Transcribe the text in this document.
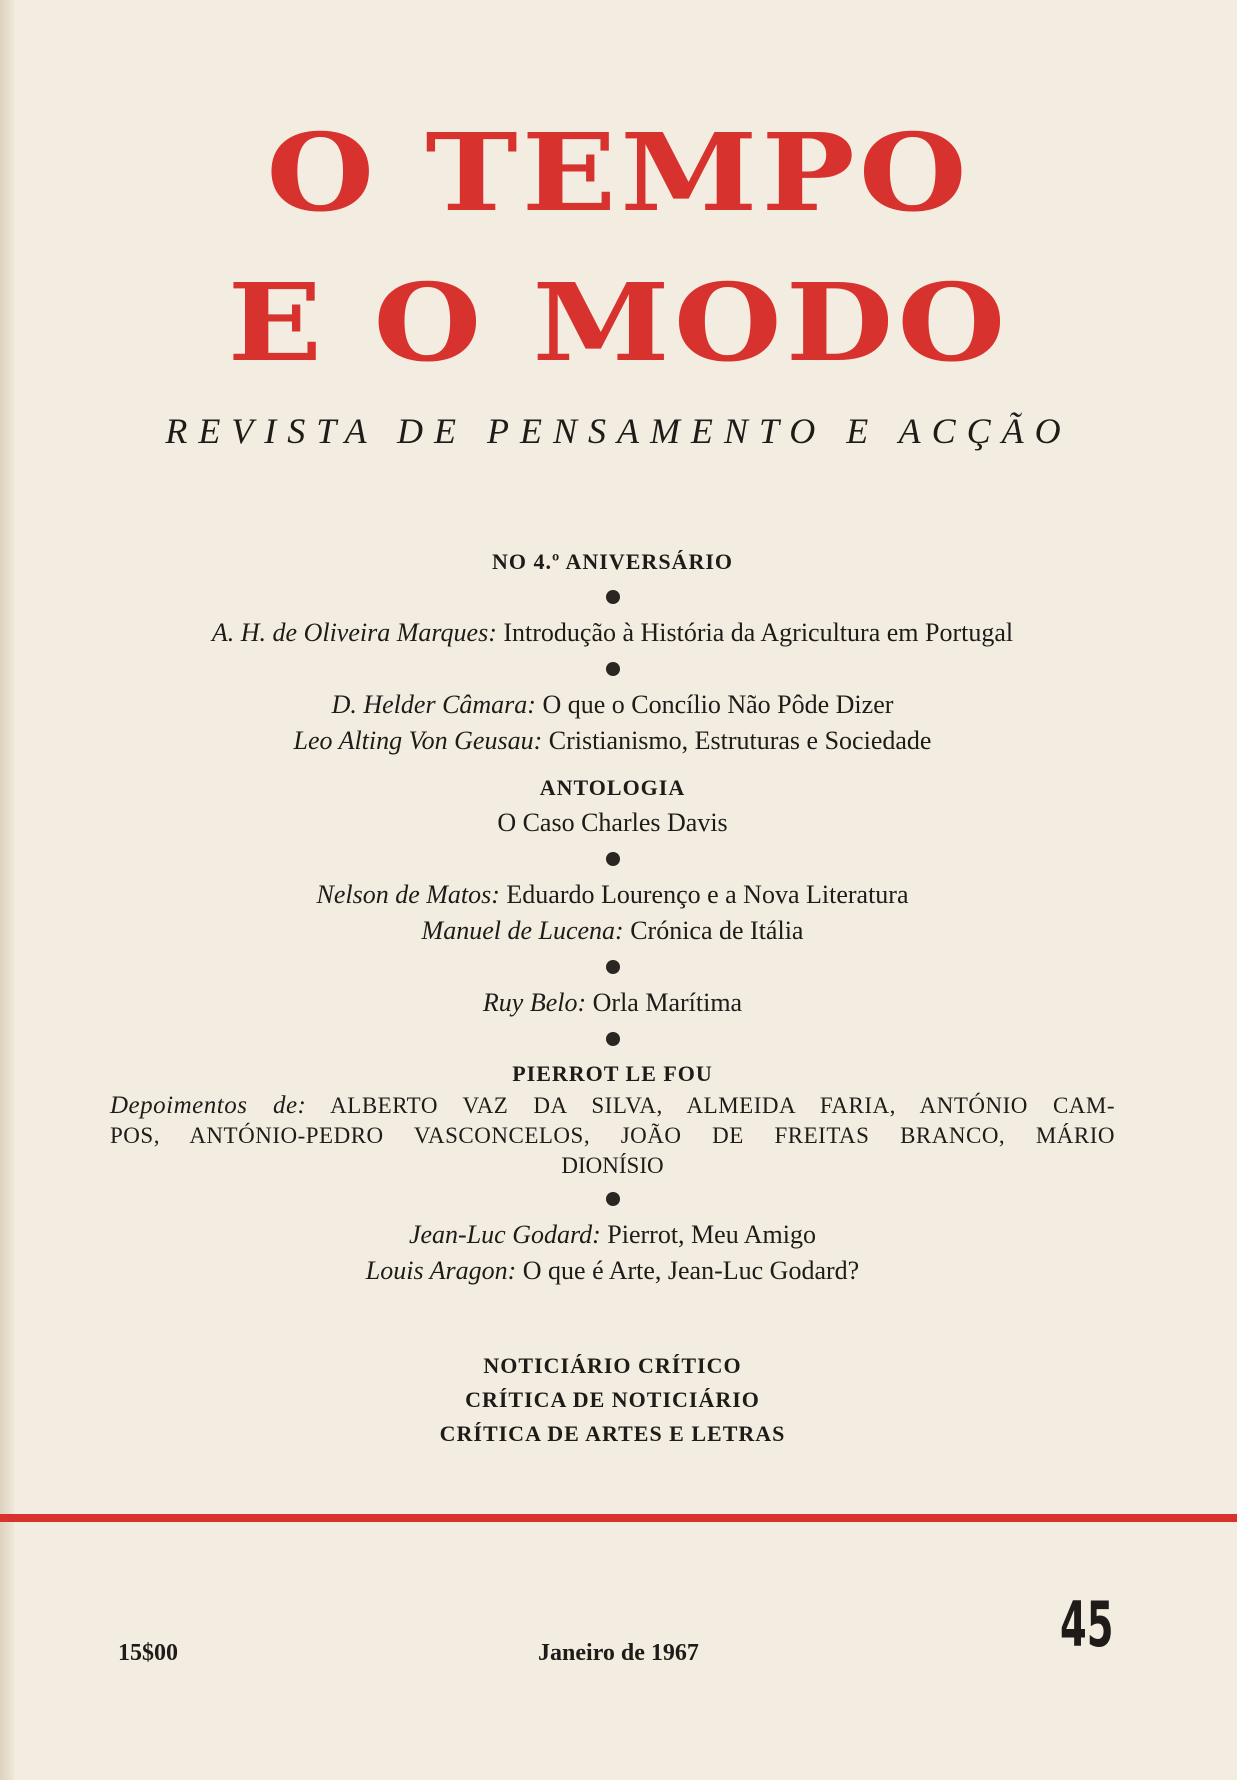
O TEMPO
E O MODO
REVISTA DE PENSAMENTO E ACÇÃO
NO 4.º ANIVERSÁRIO
A. H. de Oliveira Marques: Introdução à História da Agricultura em Portugal
D. Helder Câmara: O que o Concílio Não Pôde Dizer
Leo Alting Von Geusau: Cristianismo, Estruturas e Sociedade
ANTOLOGIA
O Caso Charles Davis
Nelson de Matos: Eduardo Lourenço e a Nova Literatura
Manuel de Lucena: Crónica de Itália
Ruy Belo: Orla Marítima
PIERROT LE FOU
Depoimentos de: ALBERTO VAZ DA SILVA, ALMEIDA FARIA, ANTÓNIO CAM-
POS, ANTÓNIO-PEDRO VASCONCELOS, JOÃO DE FREITAS BRANCO, MÁRIO
DIONÍSIO
Jean-Luc Godard: Pierrot, Meu Amigo
Louis Aragon: O que é Arte, Jean-Luc Godard?
NOTICIÁRIO CRÍTICO
CRÍTICA DE NOTICIÁRIO
CRÍTICA DE ARTES E LETRAS
Janeiro de 1967
15$00	45
